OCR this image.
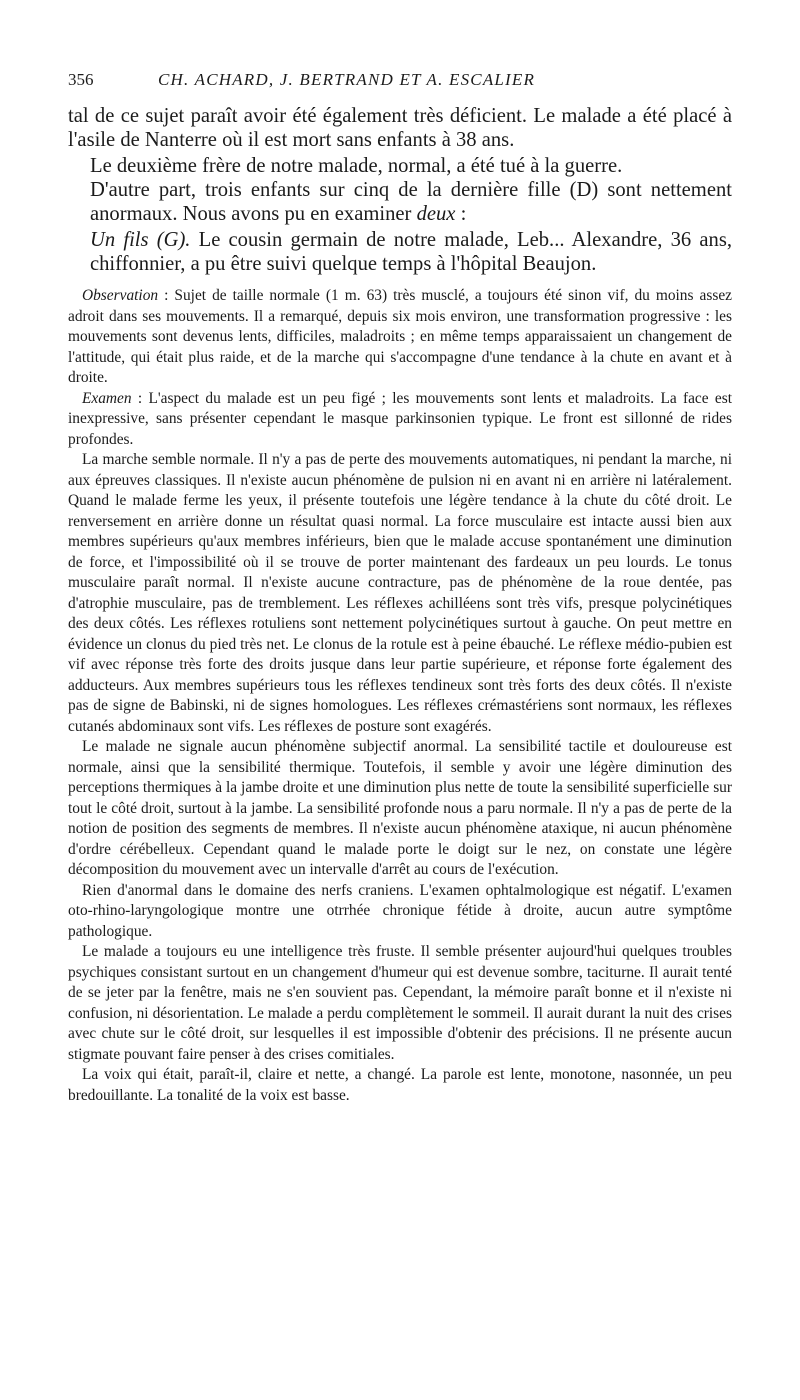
356	CH. ACHARD, J. BERTRAND ET A. ESCALIER
tal de ce sujet paraît avoir été également très déficient. Le malade a été placé à l'asile de Nanterre où il est mort sans enfants à 38 ans.
Le deuxième frère de notre malade, normal, a été tué à la guerre.
D'autre part, trois enfants sur cinq de la dernière fille (D) sont nettement anormaux. Nous avons pu en examiner deux :
Un fils (G). Le cousin germain de notre malade, Leb... Alexandre, 36 ans, chiffonnier, a pu être suivi quelque temps à l'hôpital Beaujon.

Observation : Sujet de taille normale (1 m. 63) très musclé, a toujours été sinon vif, du moins assez adroit dans ses mouvements. Il a remarqué, depuis six mois environ, une transformation progressive : les mouvements sont devenus lents, difficiles, maladroits ; en même temps apparaissaient un changement de l'attitude, qui était plus raide, et de la marche qui s'accompagne d'une tendance à la chute en avant et à droite.

Examen : L'aspect du malade est un peu figé ; les mouvements sont lents et maladroits. La face est inexpressive, sans présenter cependant le masque parkinsonien typique. Le front est sillonné de rides profondes.

La marche semble normale. Il n'y a pas de perte des mouvements automatiques, ni pendant la marche, ni aux épreuves classiques. Il n'existe aucun phénomène de pulsion ni en avant ni en arrière ni latéralement. Quand le malade ferme les yeux, il présente toutefois une légère tendance à la chute du côté droit. Le renversement en arrière donne un résultat quasi normal. La force musculaire est intacte aussi bien aux membres supérieurs qu'aux membres inférieurs, bien que le malade accuse spontanément une diminution de force, et l'impossibilité où il se trouve de porter maintenant des fardeaux un peu lourds. Le tonus musculaire paraît normal. Il n'existe aucune contracture, pas de phénomène de la roue dentée, pas d'atrophie musculaire, pas de tremblement. Les réflexes achilléens sont très vifs, presque polycinétiques des deux côtés. Les réflexes rotuliens sont nettement polycinétiques surtout à gauche. On peut mettre en évidence un clonus du pied très net. Le clonus de la rotule est à peine ébauché. Le réflexe médio-pubien est vif avec réponse très forte des droits jusque dans leur partie supérieure, et réponse forte également des adducteurs. Aux membres supérieurs tous les réflexes tendineux sont très forts des deux côtés. Il n'existe pas de signe de Babinski, ni de signes homologues. Les réflexes crémastériens sont normaux, les réflexes cutanés abdominaux sont vifs. Les réflexes de posture sont exagérés.

Le malade ne signale aucun phénomène subjectif anormal. La sensibilité tactile et douloureuse est normale, ainsi que la sensibilité thermique. Toutefois, il semble y avoir une légère diminution des perceptions thermiques à la jambe droite et une diminution plus nette de toute la sensibilité superficielle sur tout le côté droit, surtout à la jambe. La sensibilité profonde nous a paru normale. Il n'y a pas de perte de la notion de position des segments de membres. Il n'existe aucun phénomène ataxique, ni aucun phénomène d'ordre cérébelleux. Cependant quand le malade porte le doigt sur le nez, on constate une légère décomposition du mouvement avec un intervalle d'arrêt au cours de l'exécution.

Rien d'anormal dans le domaine des nerfs craniens. L'examen ophtalmologique est négatif. L'examen oto-rhino-laryngologique montre une otrrhée chronique fétide à droite, aucun autre symptôme pathologique.

Le malade a toujours eu une intelligence très fruste. Il semble présenter aujourd'hui quelques troubles psychiques consistant surtout en un changement d'humeur qui est devenue sombre, taciturne. Il aurait tenté de se jeter par la fenêtre, mais ne s'en souvient pas. Cependant, la mémoire paraît bonne et il n'existe ni confusion, ni désorientation. Le malade a perdu complètement le sommeil. Il aurait durant la nuit des crises avec chute sur le côté droit, sur lesquelles il est impossible d'obtenir des précisions. Il ne présente aucun stigmate pouvant faire penser à des crises comitiales.

La voix qui était, paraît-il, claire et nette, a changé. La parole est lente, monotone, nasonnée, un peu bredouillante. La tonalité de la voix est basse.
